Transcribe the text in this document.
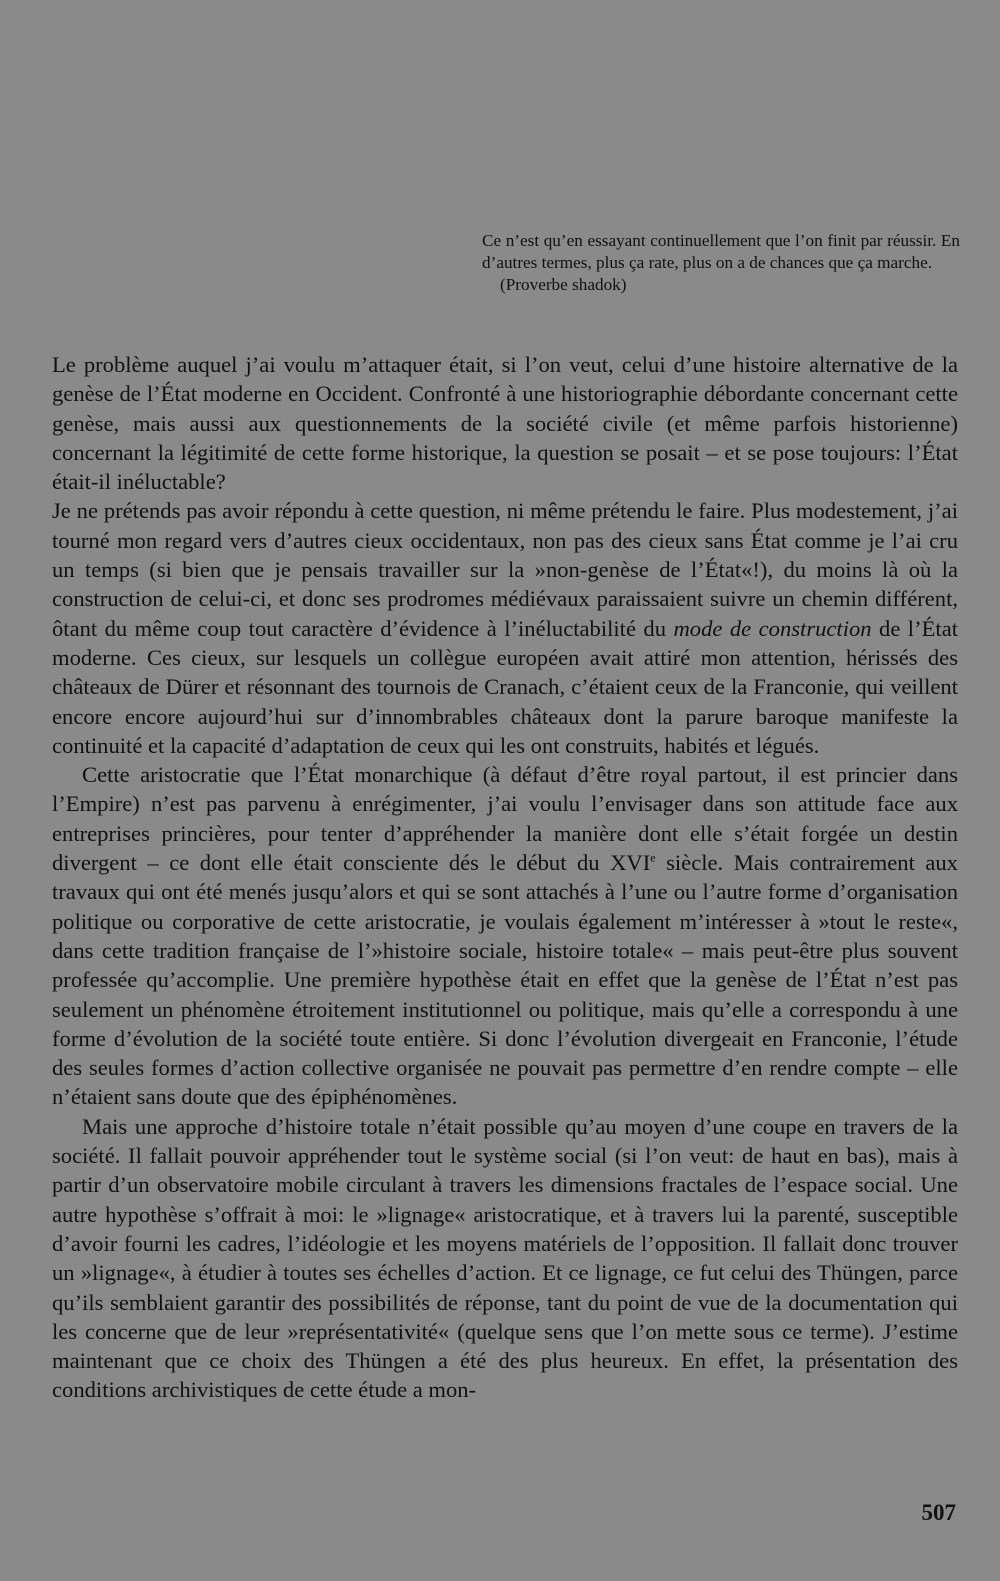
Ce n’est qu’en essayant continuellement que l’on finit par réussir. En d’autres termes, plus ça rate, plus on a de chances que ça marche.
(Proverbe shadok)

Le problème auquel j’ai voulu m’attaquer était, si l’on veut, celui d’une histoire alternative de la genèse de l’État moderne en Occident. Confronté à une historiographie débordante concernant cette genèse, mais aussi aux questionnements de la société civile (et même parfois historienne) concernant la légitimité de cette forme historique, la question se posait – et se pose toujours: l’État était-il inéluctable?

Je ne prétends pas avoir répondu à cette question, ni même prétendu le faire. Plus modestement, j’ai tourné mon regard vers d’autres cieux occidentaux, non pas des cieux sans État comme je l’ai cru un temps (si bien que je pensais travailler sur la »non-genèse de l’État«!), du moins là où la construction de celui-ci, et donc ses prodromes médiévaux paraissaient suivre un chemin différent, ôtant du même coup tout caractère d’évidence à l’inéluctabilité du mode de construction de l’État moderne. Ces cieux, sur lesquels un collègue européen avait attiré mon attention, hérissés des châteaux de Dürer et résonnant des tournois de Cranach, c’étaient ceux de la Franconie, qui veillent encore encore aujourd’hui sur d’innombrables châteaux dont la parure baroque manifeste la continuité et la capacité d’adaptation de ceux qui les ont construits, habités et légués.

Cette aristocratie que l’État monarchique (à défaut d’être royal partout, il est princier dans l’Empire) n’est pas parvenu à enrégimenter, j’ai voulu l’envisager dans son attitude face aux entreprises princières, pour tenter d’appréhender la manière dont elle s’était forgée un destin divergent – ce dont elle était consciente dés le début du XVIe siècle. Mais contrairement aux travaux qui ont été menés jusqu’alors et qui se sont attachés à l’une ou l’autre forme d’organisation politique ou corporative de cette aristocratie, je voulais également m’intéresser à »tout le reste«, dans cette tradition française de l’»histoire sociale, histoire totale« – mais peut-être plus souvent professée qu’accomplie. Une première hypothèse était en effet que la genèse de l’État n’est pas seulement un phénomène étroitement institutionnel ou politique, mais qu’elle a correspondu à une forme d’évolution de la société toute entière. Si donc l’évolution divergeait en Franconie, l’étude des seules formes d’action collective organisée ne pouvait pas permettre d’en rendre compte – elle n’étaient sans doute que des épiphénomènes.

Mais une approche d’histoire totale n’était possible qu’au moyen d’une coupe en travers de la société. Il fallait pouvoir appréhender tout le système social (si l’on veut: de haut en bas), mais à partir d’un observatoire mobile circulant à travers les dimensions fractales de l’espace social. Une autre hypothèse s’offrait à moi: le »lignage« aristocratique, et à travers lui la parenté, susceptible d’avoir fourni les cadres, l’idéologie et les moyens matériels de l’opposition. Il fallait donc trouver un »lignage«, à étudier à toutes ses échelles d’action. Et ce lignage, ce fut celui des Thüngen, parce qu’ils semblaient garantir des possibilités de réponse, tant du point de vue de la documentation qui les concerne que de leur »représentativité« (quelque sens que l’on mette sous ce terme). J’estime maintenant que ce choix des Thüngen a été des plus heureux. En effet, la présentation des conditions archivistiques de cette étude a mon-

507
